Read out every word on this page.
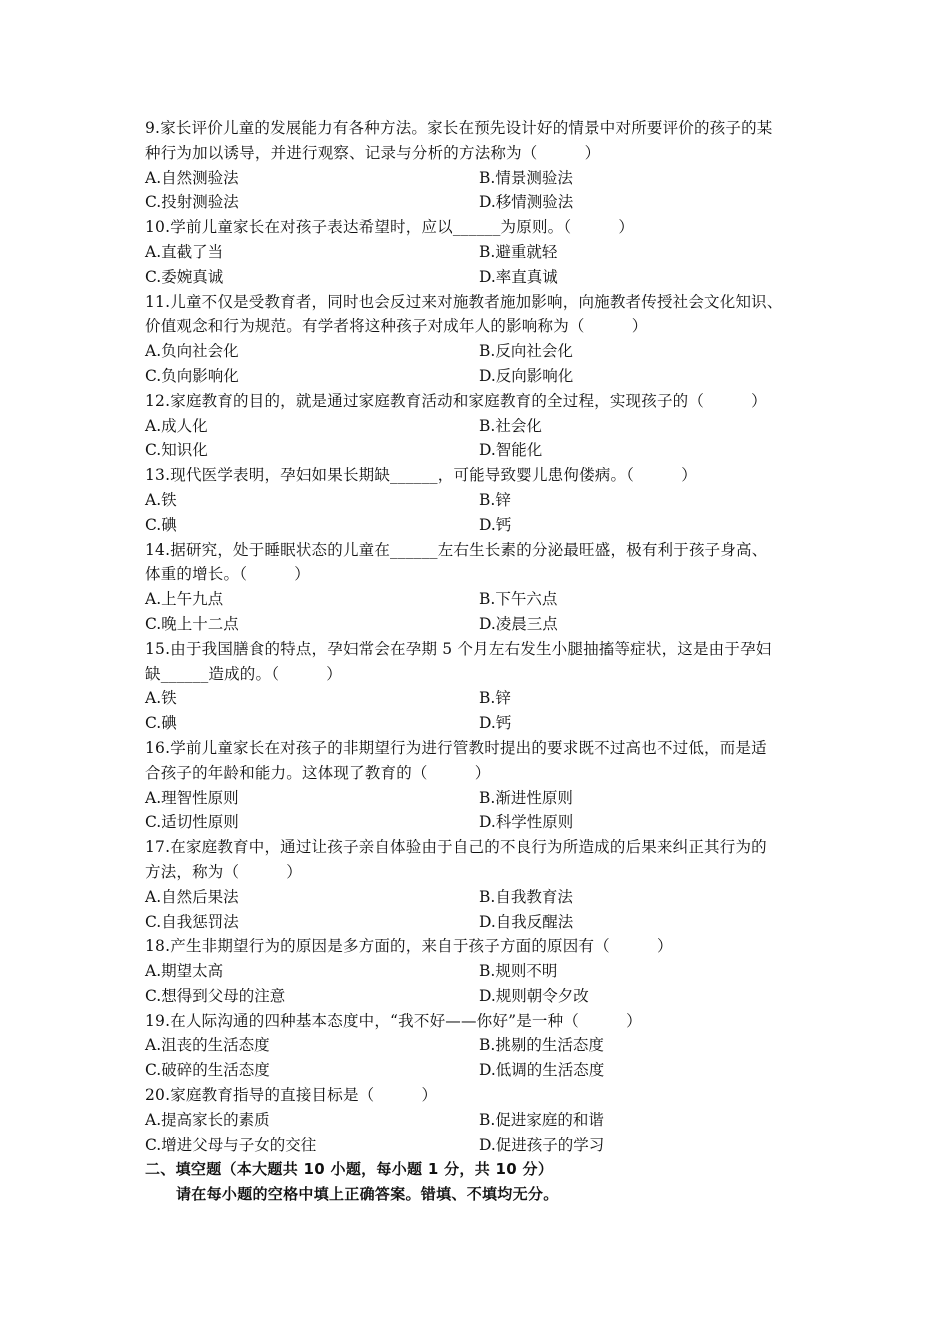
9.家长评价儿童的发展能力有各种方法。家长在预先设计好的情景中对所要评价的孩子的某
种行为加以诱导，并进行观察、记录与分析的方法称为（　　　）
A.自然测验法	B.情景测验法
C.投射测验法	D.移情测验法
10.学前儿童家长在对孩子表达希望时，应以______为原则。（　　　）
A.直截了当	B.避重就轻
C.委婉真诚	D.率直真诚
11.儿童不仅是受教育者，同时也会反过来对施教者施加影响，向施教者传授社会文化知识、
价值观念和行为规范。有学者将这种孩子对成年人的影响称为（　　　）
A.负向社会化	B.反向社会化
C.负向影响化	D.反向影响化
12.家庭教育的目的，就是通过家庭教育活动和家庭教育的全过程，实现孩子的（　　　）
A.成人化	B.社会化
C.知识化	D.智能化
13.现代医学表明，孕妇如果长期缺______，可能导致婴儿患佝偻病。（　　　）
A.铁	B.锌
C.碘	D.钙
14.据研究，处于睡眠状态的儿童在______左右生长素的分泌最旺盛，极有利于孩子身高、
体重的增长。（　　　）
A.上午九点	B.下午六点
C.晚上十二点	D.凌晨三点
15.由于我国膳食的特点，孕妇常会在孕期 5 个月左右发生小腿抽搐等症状，这是由于孕妇
缺______造成的。（　　　）
A.铁	B.锌
C.碘	D.钙
16.学前儿童家长在对孩子的非期望行为进行管教时提出的要求既不过高也不过低，而是适
合孩子的年龄和能力。这体现了教育的（　　　）
A.理智性原则	B.渐进性原则
C.适切性原则	D.科学性原则
17.在家庭教育中，通过让孩子亲自体验由于自己的不良行为所造成的后果来纠正其行为的
方法，称为（　　　）
A.自然后果法	B.自我教育法
C.自我惩罚法	D.自我反醒法
18.产生非期望行为的原因是多方面的，来自于孩子方面的原因有（　　　）
A.期望太高	B.规则不明
C.想得到父母的注意	D.规则朝令夕改
19.在人际沟通的四种基本态度中，“我不好——你好”是一种（　　　）
A.沮丧的生活态度	B.挑剔的生活态度
C.破碎的生活态度	D.低调的生活态度
20.家庭教育指导的直接目标是（　　　）
A.提高家长的素质	B.促进家庭的和谐
C.增进父母与子女的交往	D.促进孩子的学习
二、填空题（本大题共 10 小题，每小题 1 分，共 10 分）
请在每小题的空格中填上正确答案。错填、不填均无分。
